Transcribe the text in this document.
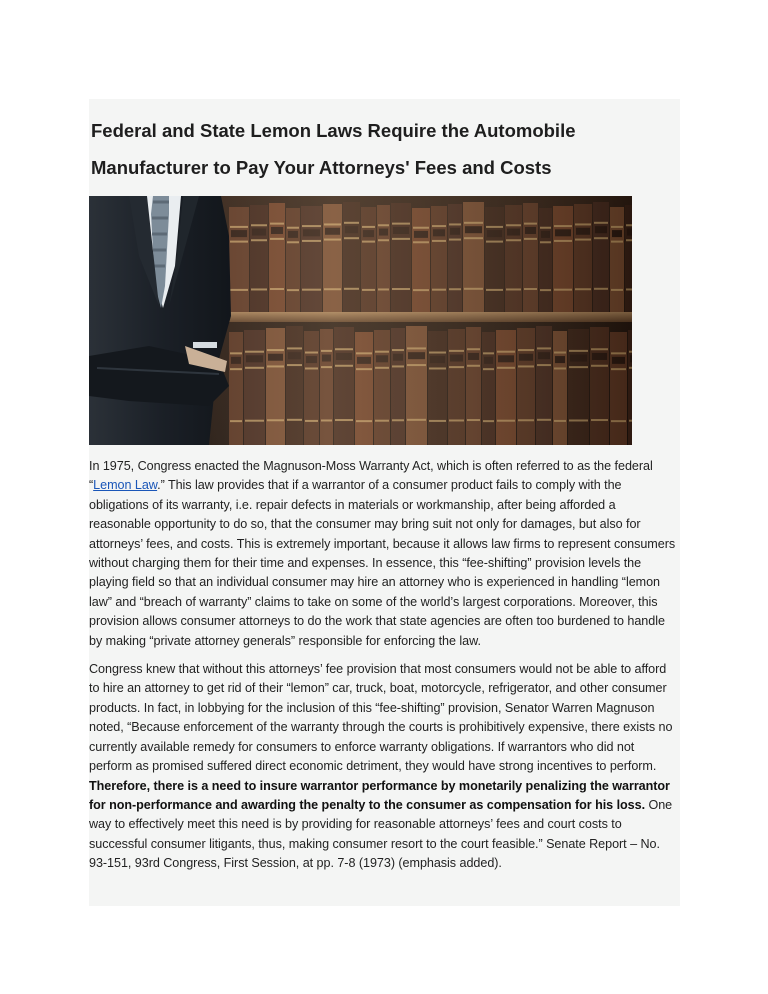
Federal and State Lemon Laws Require the Automobile
Manufacturer to Pay Your Attorneys' Fees and Costs

In 1975, Congress enacted the Magnuson-Moss Warranty Act, which is often referred to as the federal “Lemon Law.” This law provides that if a warrantor of a consumer product fails to comply with the obligations of its warranty, i.e. repair defects in materials or workmanship, after being afforded a reasonable opportunity to do so, that the consumer may bring suit not only for damages, but also for attorneys’ fees, and costs. This is extremely important, because it allows law firms to represent consumers without charging them for their time and expenses. In essence, this “fee-shifting” provision levels the playing field so that an individual consumer may hire an attorney who is experienced in handling “lemon law” and “breach of warranty” claims to take on some of the world’s largest corporations. Moreover, this provision allows consumer attorneys to do the work that state agencies are often too burdened to handle by making “private attorney generals” responsible for enforcing the law.

Congress knew that without this attorneys’ fee provision that most consumers would not be able to afford to hire an attorney to get rid of their “lemon” car, truck, boat, motorcycle, refrigerator, and other consumer products. In fact, in lobbying for the inclusion of this “fee-shifting” provision, Senator Warren Magnuson noted, “Because enforcement of the warranty through the courts is prohibitively expensive, there exists no currently available remedy for consumers to enforce warranty obligations. If warrantors who did not perform as promised suffered direct economic detriment, they would have strong incentives to perform. Therefore, there is a need to insure warrantor performance by monetarily penalizing the warrantor for non-performance and awarding the penalty to the consumer as compensation for his loss. One way to effectively meet this need is by providing for reasonable attorneys’ fees and court costs to successful consumer litigants, thus, making consumer resort to the court feasible.” Senate Report – No. 93-151, 93rd Congress, First Session, at pp. 7-8 (1973) (emphasis added).
